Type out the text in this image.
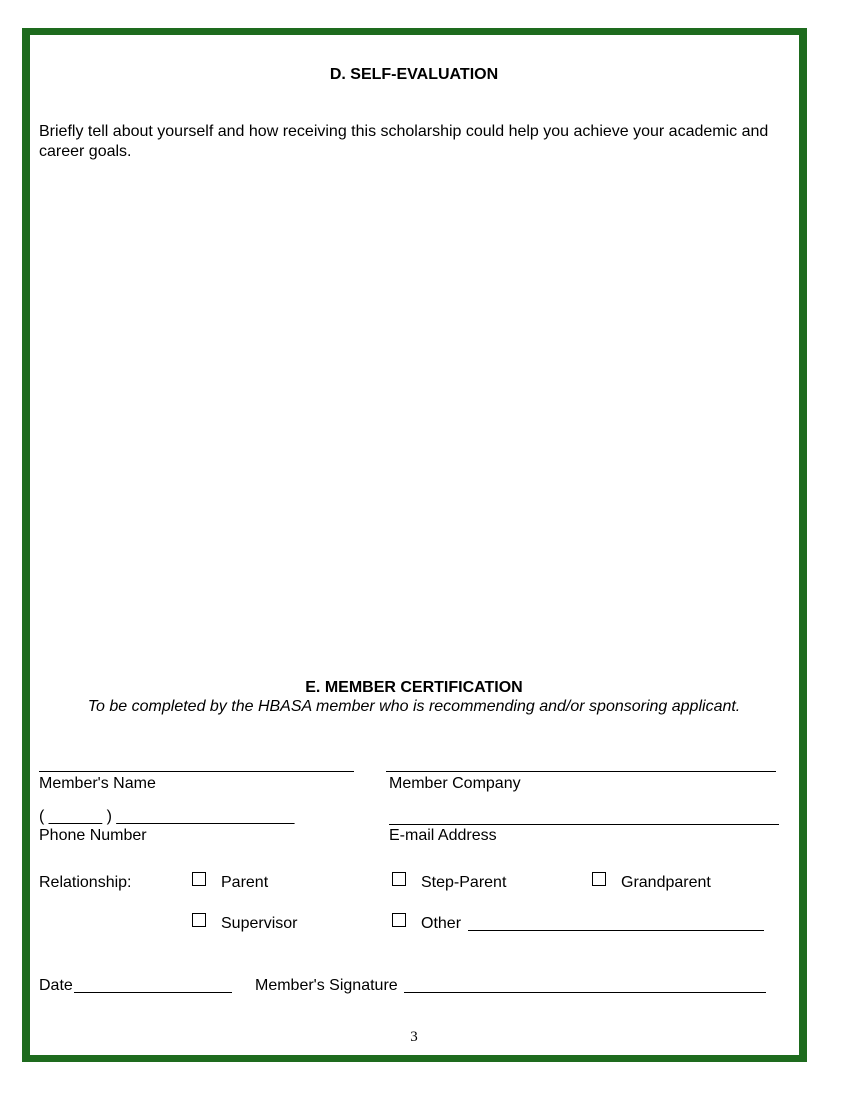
D. SELF-EVALUATION
Briefly tell about yourself and how receiving this scholarship could help you achieve your academic and
career goals.
E. MEMBER CERTIFICATION
To be completed by the HBASA member who is recommending and/or sponsoring applicant.
Member's Name	Member Company
( ______ ) ____________________
Phone Number	E-mail Address
Relationship:	Parent	Step-Parent	Grandparent
Supervisor	Other
Date	Member's Signature
3
